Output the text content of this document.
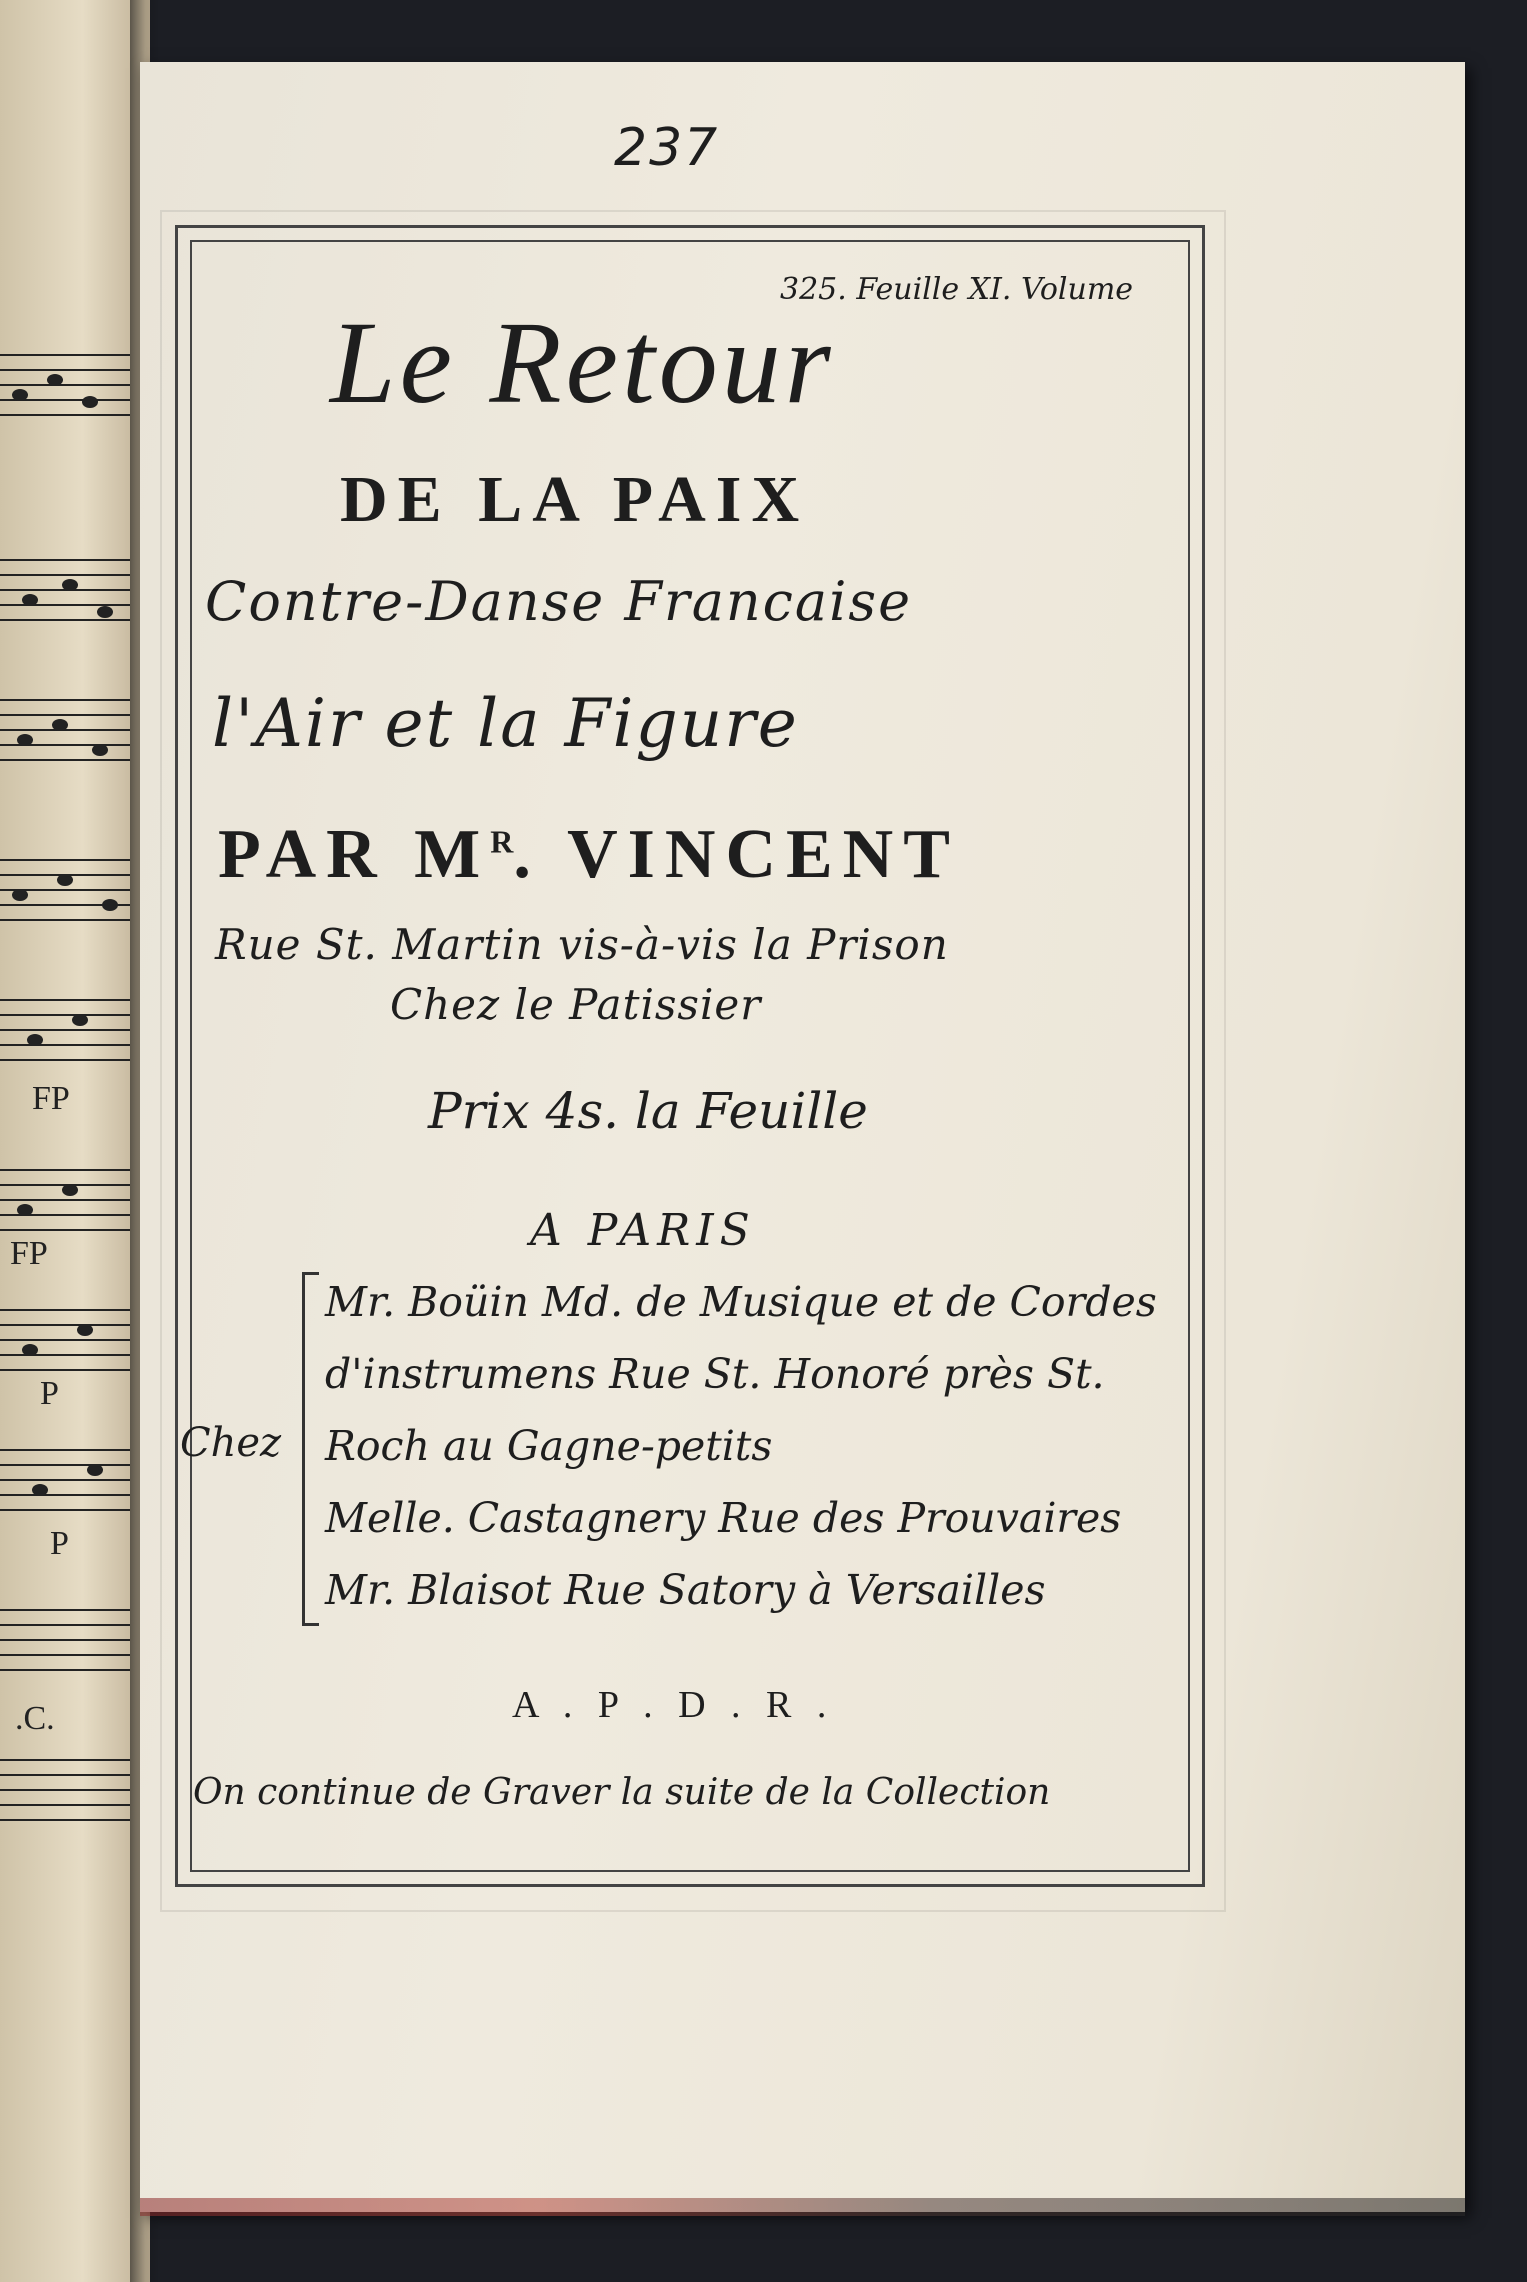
FP
FP
P
P
.C.
237
325. Feuille XI. Volume
Le Retour
DE LA PAIX
Contre-Danse Francaise
l'Air et la Figure
PAR $M^R$. VINCENT
Rue St. Martin vis-à-vis la Prison
Chez le Patissier
Prix 4s. la Feuille
A PARIS
Chez
Mr. Boüin Md. de Musique et de Cordes
d'instrumens Rue St. Honoré près St.
Roch au Gagne-petits
Melle. Castagnery Rue des Prouvaires
Mr. Blaisot Rue Satory à Versailles
A . P . D . R .
On continue de Graver la suite de la Collection
